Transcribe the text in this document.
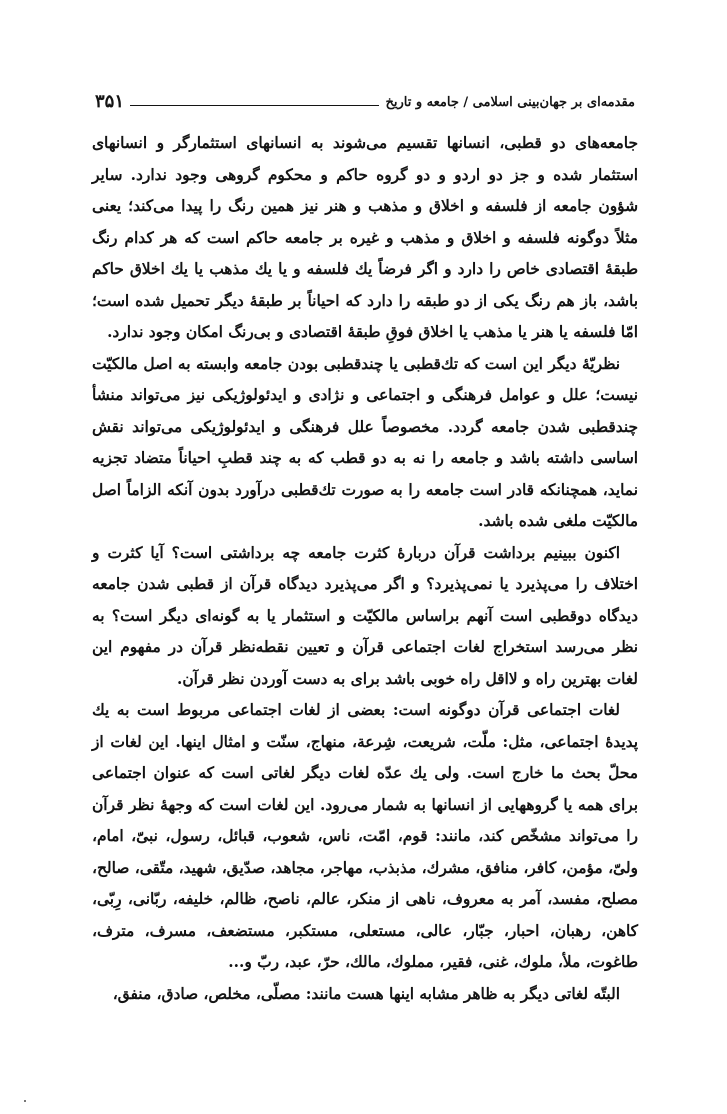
مقدمه‌ای بر جهان‌بینی اسلامی / جامعه و تاریخ
۳۵۱

جامعه‌های دو قطبی، انسانها تقسیم می‌شوند به انسانهای استثمارگر و انسانهای استثمار شده و جز دو اردو و دو گروه حاکم و محکوم گروهی وجود ندارد. سایر شؤون جامعه از فلسفه و اخلاق و مذهب و هنر نیز همین رنگ را پیدا می‌کند؛ یعنی مثلاً دوگونه فلسفه و اخلاق و مذهب و غیره بر جامعه حاکم است که هر کدام رنگ طبقهٔ اقتصادی خاص را دارد و اگر فرضاً یك فلسفه و یا یك مذهب یا یك اخلاق حاکم باشد، باز هم رنگ یکی از دو طبقه را دارد که احیاناً بر طبقهٔ دیگر تحمیل شده است؛ امّا فلسفه یا هنر یا مذهب یا اخلاق فوقِ طبقهٔ اقتصادی و بی‌رنگ امکان وجود ندارد.

نظریّهٔ دیگر این است که تك‌قطبی یا چندقطبی بودن جامعه وابسته به اصل مالکیّت نیست؛ علل و عوامل فرهنگی و اجتماعی و نژادی و ایدئولوژیکی نیز می‌تواند منشأ چندقطبی شدن جامعه گردد. مخصوصاً علل فرهنگی و ایدئولوژیکی می‌تواند نقش اساسی داشته باشد و جامعه را نه به دو قطب که به چند قطبِ احیاناً متضاد تجزیه نماید، همچنانکه قادر است جامعه را به صورت تك‌قطبی درآورد بدون آنکه الزاماً اصل مالکیّت ملغی شده باشد.

اکنون ببینیم برداشت قرآن دربارهٔ کثرت جامعه چه برداشتی است؟ آیا کثرت و اختلاف را می‌پذیرد یا نمی‌پذیرد؟ و اگر می‌پذیرد دیدگاه قرآن از قطبی شدن جامعه دیدگاه دوقطبی است آنهم براساس مالکیّت و استثمار یا به گونه‌ای دیگر است؟ به نظر می‌رسد استخراج لغات اجتماعی قرآن و تعیین نقطه‌نظر قرآن در مفهوم این لغات بهترین راه و لااقل راه خوبی باشد برای به دست آوردن نظر قرآن.

لغات اجتماعی قرآن دوگونه است: بعضی از لغات اجتماعی مربوط است به یك پدیدهٔ اجتماعی، مثل: ملّت، شریعت، شِرعة، منهاج، سنّت و امثال اینها. این لغات از محلّ بحث ما خارج است. ولی یك عدّه لغات دیگر لغاتی است که عنوان اجتماعی برای همه یا گروههایی از انسانها به شمار می‌رود. این لغات است که وجههٔ نظر قرآن را می‌تواند مشخّص کند، مانند: قوم، امّت، ناس، شعوب، قبائل، رسول، نبیّ، امام، ولیّ، مؤمن، کافر، منافق، مشرك، مذبذب، مهاجر، مجاهد، صدّیق، شهید، متّقی، صالح، مصلح، مفسد، آمر به معروف، ناهی از منکر، عالم، ناصح، ظالم، خلیفه، ربّانی، رِبّی، کاهن، رهبان، احبار، جبّار، عالی، مستعلی، مستکبر، مستضعف، مسرف، مترف، طاغوت، ملأ، ملوك، غنی، فقیر، مملوك، مالك، حرّ، عبد، ربّ و...

البتّه لغاتی دیگر به ظاهر مشابه اینها هست مانند: مصلّی، مخلص، صادق، منفق،
